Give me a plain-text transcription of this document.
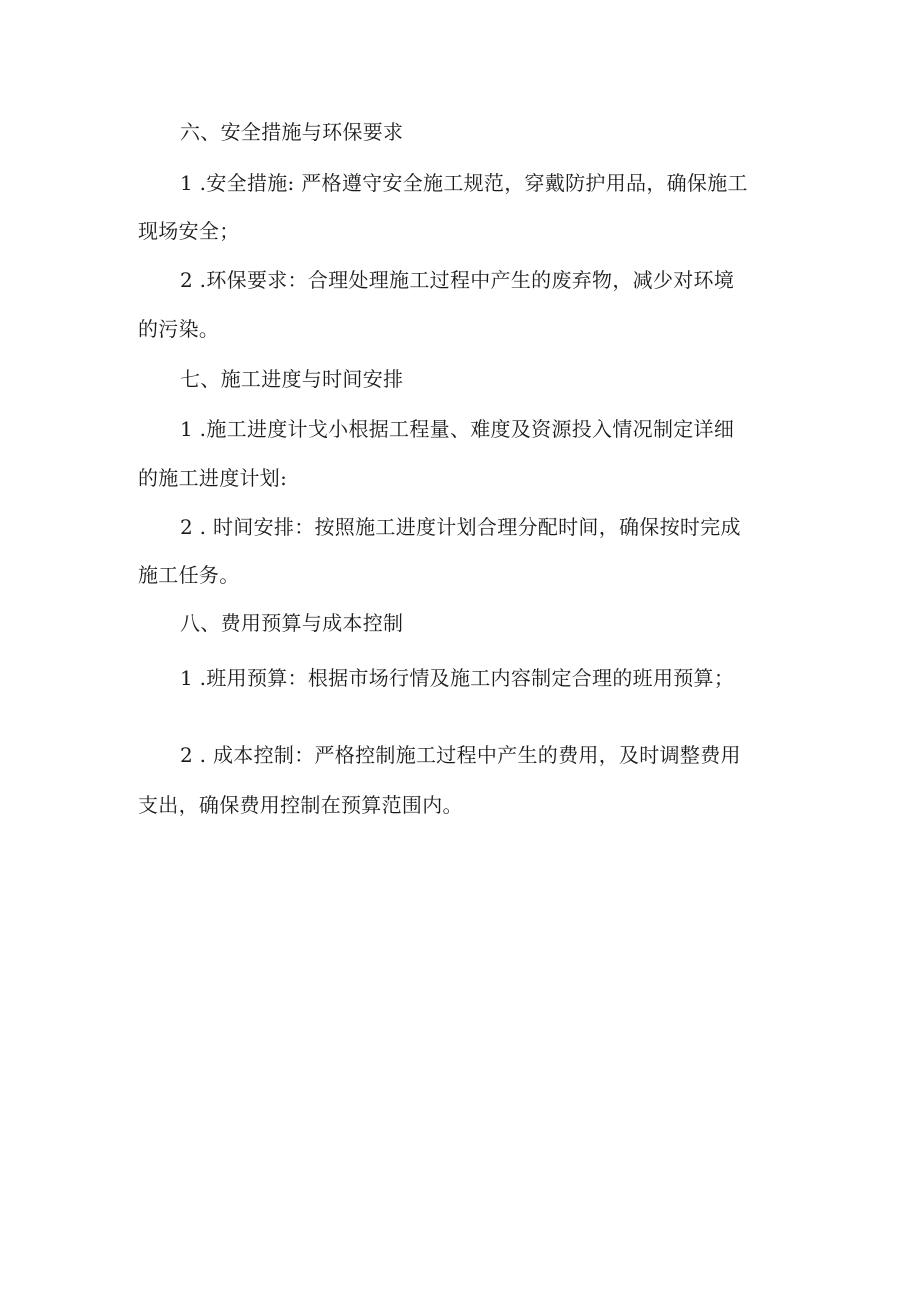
六、安全措施与环保要求

1 .安全措施: 严格遵守安全施工规范，穿戴防护用品，确保施工

现场安全；

2 .环保要求：合理处理施工过程中产生的废弃物，减少对环境

的污染。

七、施工进度与时间安排

1 .施工进度计戈小根据工程量、难度及资源投入情况制定详细

的施工进度计划:

2 . 时间安排：按照施工进度计划合理分配时间，确保按时完成

施工任务。

八、费用预算与成本控制

1 .班用预算：根据市场行情及施工内容制定合理的班用预算；

2 . 成本控制：严格控制施工过程中产生的费用，及时调整费用

支出，确保费用控制在预算范围内。
